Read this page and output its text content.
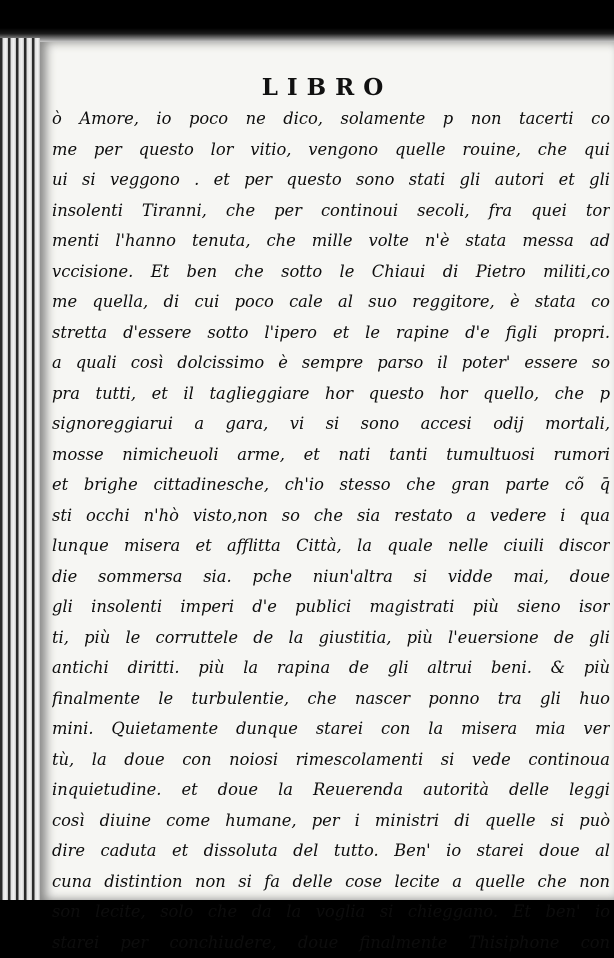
LIBRO
ò Amore, io poco ne dico, solamente p non tacerti co
me per questo lor vitio, vengono quelle rouine, che qui
ui si veggono . et per questo sono stati gli autori et gli
insolenti Tiranni, che per continoui secoli, fra quei tor
menti l'hanno tenuta, che mille volte n'è stata messa ad
vccisione. Et ben che sotto le Chiaui di Pietro militi,co
me quella, di cui poco cale al suo reggitore, è stata co
stretta d'essere sotto l'ipero et le rapine d'e figli propri.
a quali così dolcissimo è sempre parso il poter' essere so
pra tutti, et il taglieggiare hor questo hor quello, che p
signoreggiarui a gara, vi si sono accesi odij mortali,
mosse nimicheuoli arme, et nati tanti tumultuosi rumori
et brighe cittadinesche, ch'io stesso che gran parte cõ q̄
sti occhi n'hò visto,non so che sia restato a vedere i qua
lunque misera et afflitta Città, la quale nelle ciuili discor
die sommersa sia. pche niun'altra si vidde mai, doue
gli insolenti imperi d'e publici magistrati più sieno isor
ti, più le corruttele de la giustitia, più l'euersione de gli
antichi diritti. più la rapina de gli altrui beni. & più
finalmente le turbulentie, che nascer ponno tra gli huo
mini. Quietamente dunque starei con la misera mia ver
tù, la doue con noiosi rimescolamenti si vede continoua
inquietudine. et doue la Reuerenda autorità delle leggi
così diuine come humane, per i ministri di quelle si può
dire caduta et dissoluta del tutto. Ben' io starei doue al
cuna distintion non si fa delle cose lecite a quelle che non
son lecite, solo che da la voglia si chieggano. Et ben' io
starei per conchiudere, doue finalmente Thisiphone con
